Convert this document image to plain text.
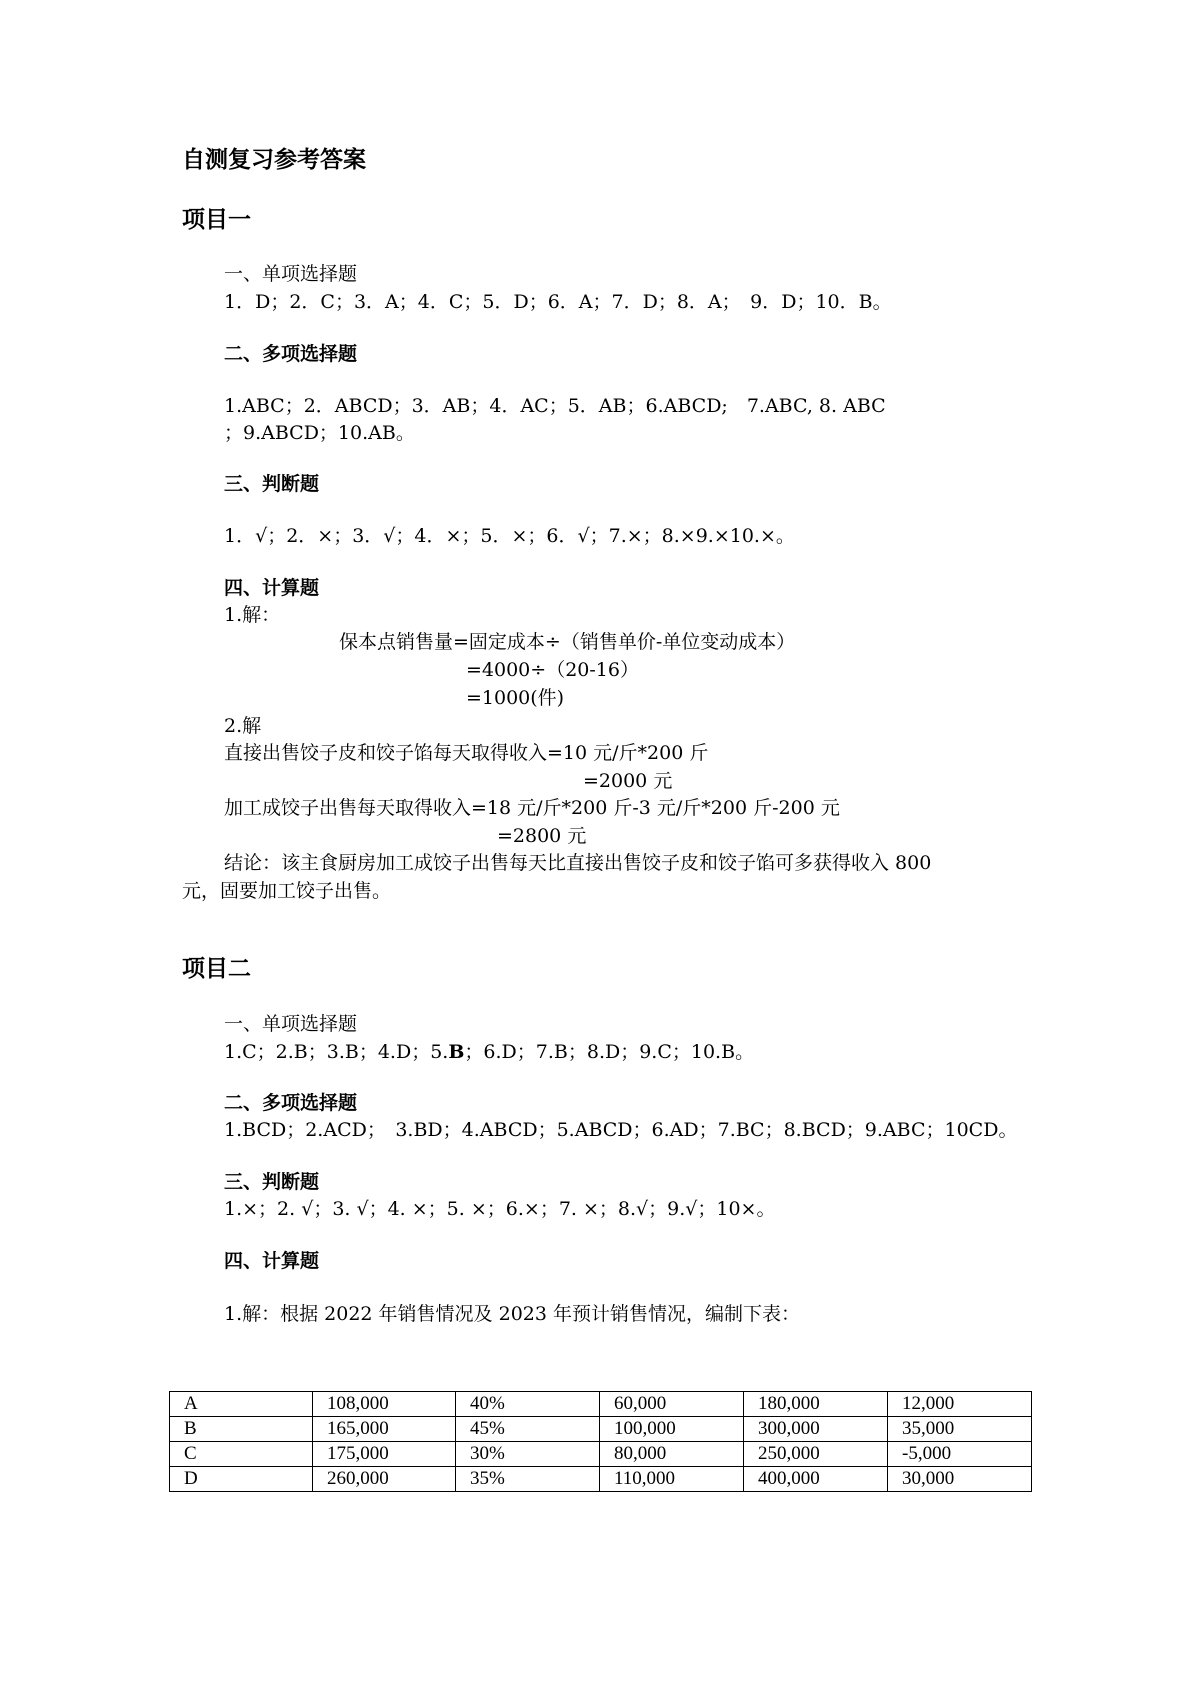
自测复习参考答案
项目一
一、单项选择题
1．D；2．C；3．A；4．C；5．D；6．A；7．D；8．A；　9．D；10．B。
二、多项选择题
1.ABC；2．ABCD；3．AB；4．AC；5．AB；6.ABCD;　7.ABC, 8. ABC
；9.ABCD；10.AB。
三、判断题
1．√；2．×；3．√；4．×；5．×；6．√；7.×；8.×9.×10.×。
四、计算题
1.解：
保本点销售量=固定成本÷（销售单价-单位变动成本）
=4000÷（20-16）
=1000(件)
2.解
直接出售饺子皮和饺子馅每天取得收入=10 元/斤*200 斤
=2000 元
加工成饺子出售每天取得收入=18 元/斤*200 斤-3 元/斤*200 斤-200 元
=2800 元
结论：该主食厨房加工成饺子出售每天比直接出售饺子皮和饺子馅可多获得收入 800
元，固要加工饺子出售。
项目二
一、单项选择题
1.C；2.B；3.B；4.D；5.B；6.D；7.B；8.D；9.C；10.B。
二、多项选择题
1.BCD；2.ACD；　3.BD；4.ABCD；5.ABCD；6.AD；7.BC；8.BCD；9.ABC；10CD。
三、判断题
1.×；2. √；3. √；4. ×；5. ×；6.×；7. ×；8.√；9.√；10×。
四、计算题
1.解：根据 2022 年销售情况及 2023 年预计销售情况，编制下表：
A	108,000	40%	60,000	180,000	12,000
B	165,000	45%	100,000	300,000	35,000
C	175,000	30%	80,000	250,000	-5,000
D	260,000	35%	110,000	400,000	30,000
